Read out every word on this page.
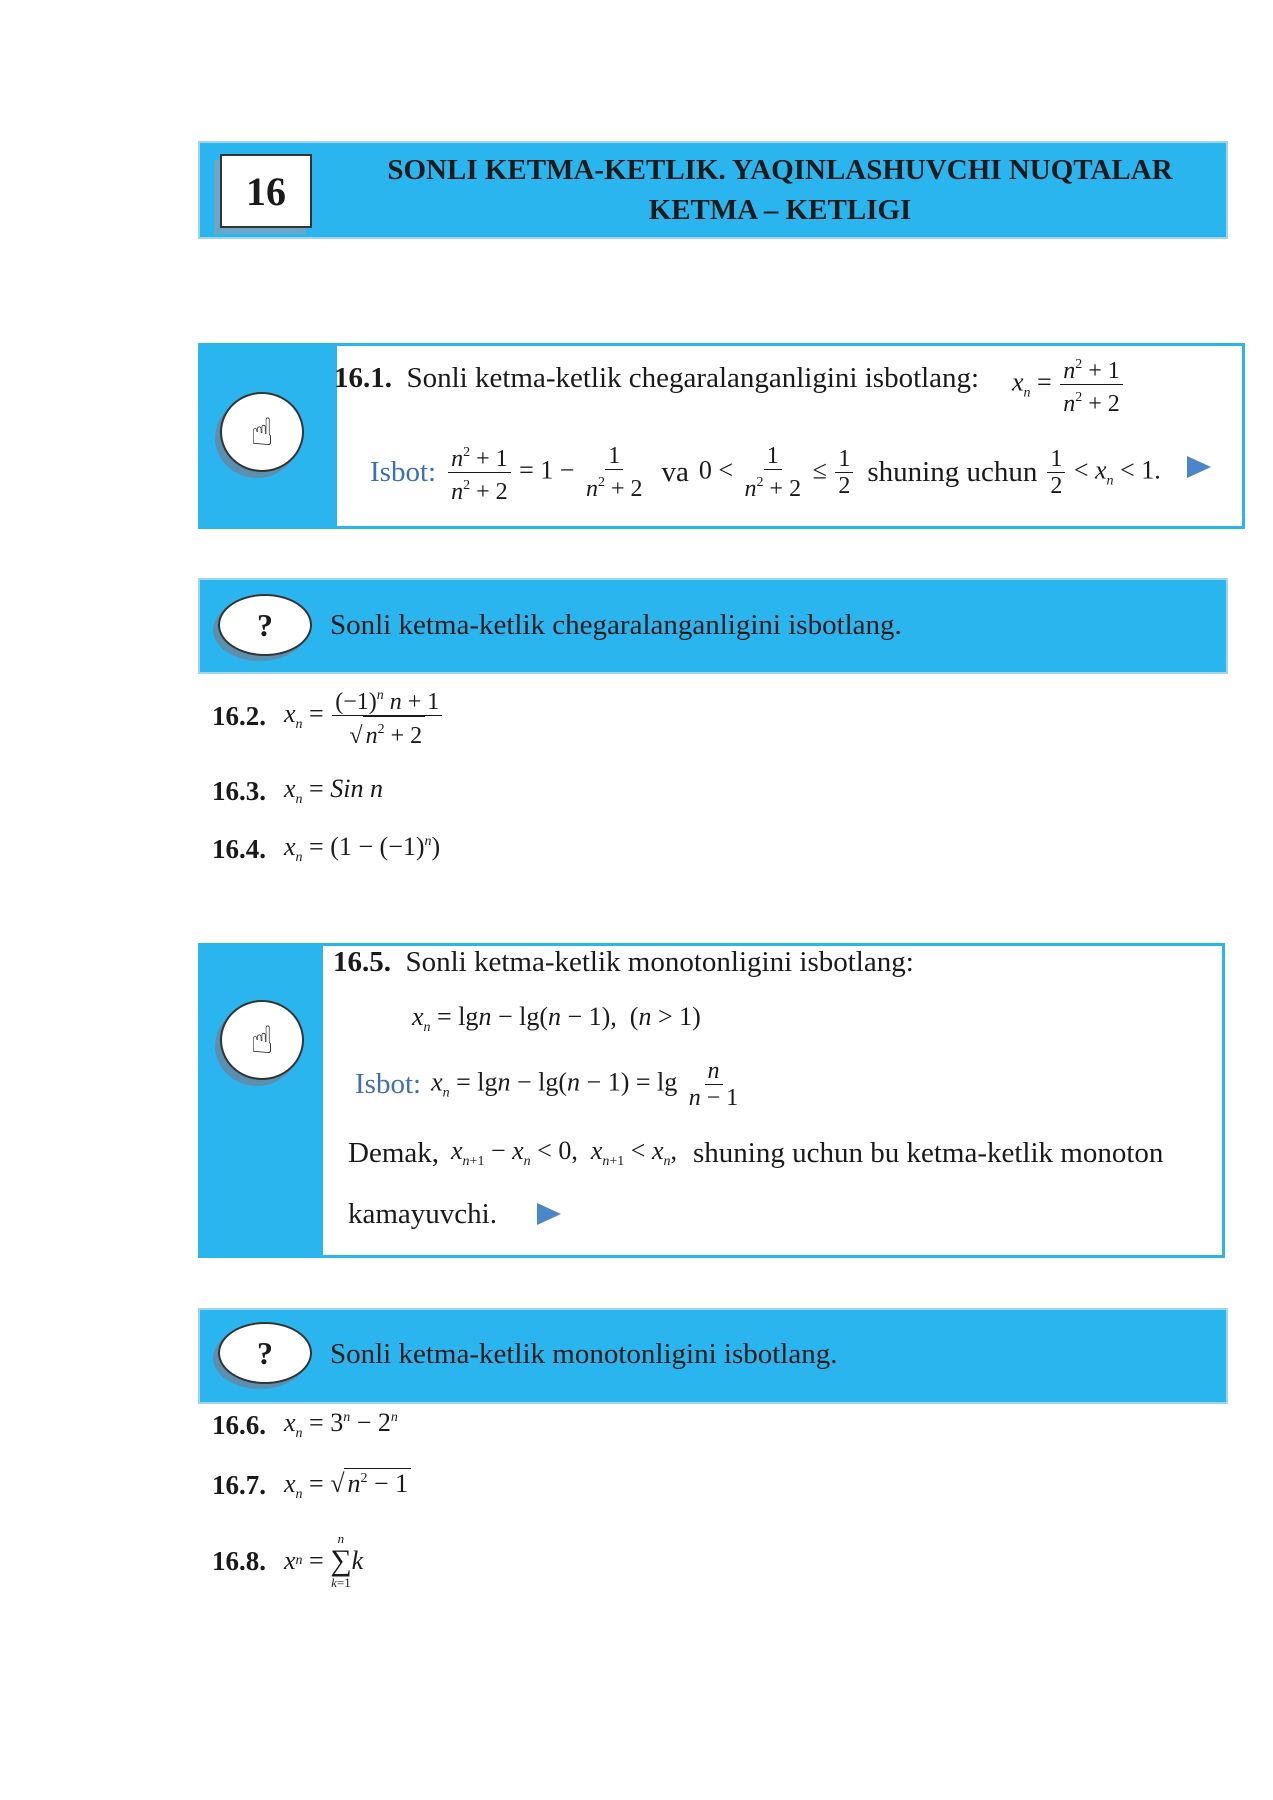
16	SONLI KETMA-KETLIK. YAQINLASHUVCHI NUQTALAR
KETMA – KETLIGI
☝
16.1. Sonli ketma-ketlik chegaralanganligini isbotlang: $x_n = \frac{n^2 + 1}{n^2 + 2}$
Isbot: $\frac{n^2 + 1}{n^2 + 2} = 1 - \frac{1}{n^2 + 2}$ va $0 < \frac{1}{n^2 + 2} \le \frac{1}{2}$ shuning uchun $\frac{1}{2} < x_n < 1$.
?	Sonli ketma-ketlik chegaralanganligini isbotlang.
16.2. $x_n = \frac{(-1)^n n + 1}{√ n^2 + 2}$
16.3. $x_n$ = Sin n
16.4. $x_n = (1 - (-1)^n)$
☝
16.5. Sonli ketma-ketlik monotonligini isbotlang:
$x_n = \lg n - \lg(n - 1)$,  (n > 1)
Isbot: $x_n = \lg n - \lg(n - 1) = \lg \frac{n}{n - 1}$
Demak, $x_{n+1} - x_n < 0$,  $x_{n+1} < x_n$, shuning uchun bu ketma-ketlik monoton
kamayuvchi.
?	Sonli ketma-ketlik monotonligini isbotlang.
16.6. $x_n = 3^n - 2^n$
16.7. $x_n$ = √ $n^2 - 1$
16.8. x n =
n
∑
k=1
k
